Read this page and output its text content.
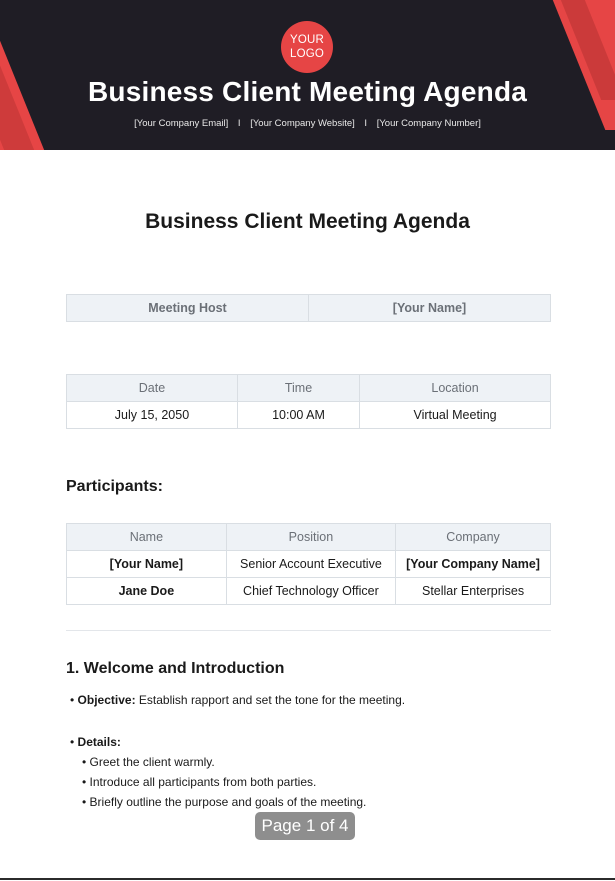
YOUR
LOGO
Business Client Meeting Agenda
[Your Company Email] I [Your Company Website] I [Your Company Number]
Business Client Meeting Agenda
Meeting Host	[Your Name]
Date	Time	Location
July 15, 2050	10:00 AM	Virtual Meeting
Participants:
Name	Position	Company
[Your Name]	Senior Account Executive	[Your Company Name]
Jane Doe	Chief Technology Officer	Stellar Enterprises
1. Welcome and Introduction
• Objective: Establish rapport and set the tone for the meeting.
• Details:
• Greet the client warmly.
• Introduce all participants from both parties.
• Briefly outline the purpose and goals of the meeting.
Page 1 of 4
